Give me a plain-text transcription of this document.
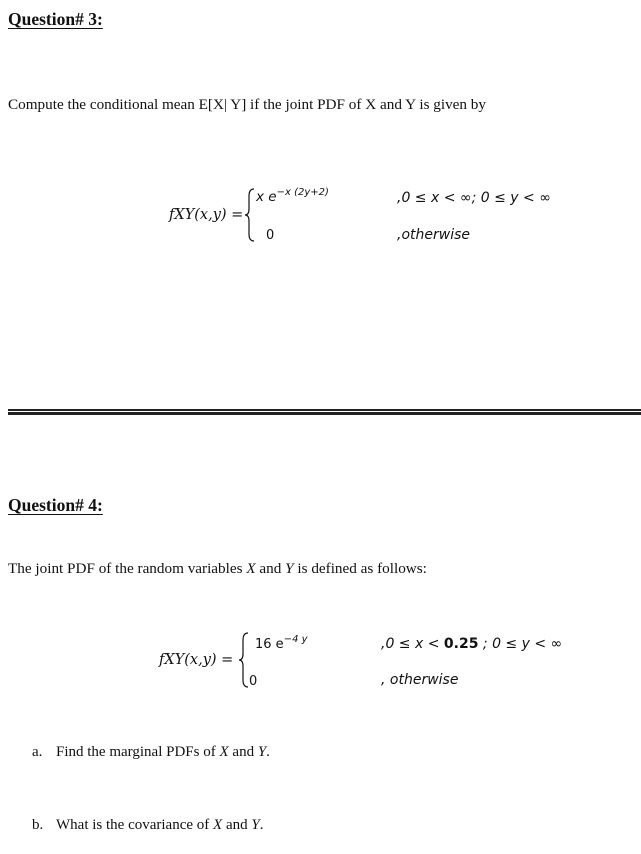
Question# 3:
Compute the conditional mean E[X| Y] if the joint PDF of X and Y is given by
fXY(x,y) =
x $e^{-x (2y+2)}$
0
,0 ≤ x < ∞; 0 ≤ y < ∞
,otherwise
Question# 4:
The joint PDF of the random variables X and Y is defined as follows:
fXY(x,y) =
16 $e^{-4 y}$
0
,0 ≤ x < 0.25 ; 0 ≤ y < ∞
, otherwise
a. Find the marginal PDFs of X and Y.
b. What is the covariance of X and Y.
